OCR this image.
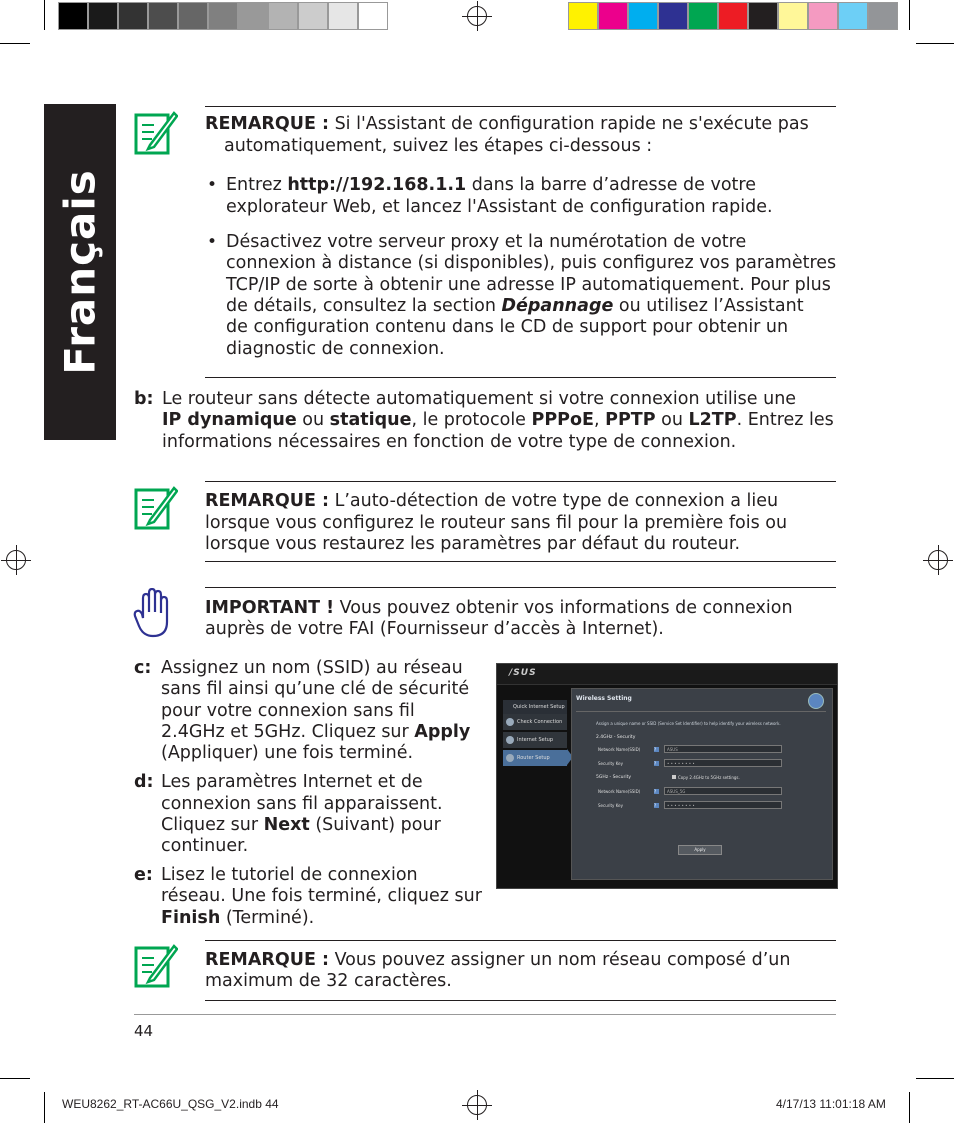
Français
REMARQUE : Si l'Assistant de configuration rapide ne s'exécute pas
automatiquement, suivez les étapes ci-dessous :
• Entrez http://192.168.1.1 dans la barre d’adresse de votre
explorateur Web, et lancez l'Assistant de configuration rapide.
• Désactivez votre serveur proxy et la numérotation de votre
connexion à distance (si disponibles), puis configurez vos paramètres
TCP/IP de sorte à obtenir une adresse IP automatiquement. Pour plus
de détails, consultez la section Dépannage ou utilisez l’Assistant
de configuration contenu dans le CD de support pour obtenir un
diagnostic de connexion.
b: Le routeur sans détecte automatiquement si votre connexion utilise une
IP dynamique ou statique, le protocole PPPoE, PPTP ou L2TP. Entrez les
informations nécessaires en fonction de votre type de connexion.
REMARQUE : L’auto-détection de votre type de connexion a lieu
lorsque vous configurez le routeur sans fil pour la première fois ou
lorsque vous restaurez les paramètres par défaut du routeur.
IMPORTANT ! Vous pouvez obtenir vos informations de connexion
auprès de votre FAI (Fournisseur d’accès à Internet).
c: Assignez un nom (SSID) au réseau
sans fil ainsi qu’une clé de sécurité
pour votre connexion sans fil
2.4GHz et 5GHz. Cliquez sur Apply
(Appliquer) une fois terminé.
d: Les paramètres Internet et de
connexion sans fil apparaissent.
Cliquez sur Next (Suivant) pour
continuer.
e: Lisez le tutoriel de connexion
réseau. Une fois terminé, cliquez sur
Finish (Terminé).
/SUS
Quick Internet Setup
Check Connection
Internet Setup
Router Setup
Wireless Setting
Assign a unique name or SSID (Service Set Identifier) to help identify your wireless network.
2.4GHz - Security
Network Name(SSID)	?	ASUS
Security Key	?	• • • • • • • •
5GHz - Security	Copy 2.4GHz to 5GHz settings.
Network Name(SSID)	?	ASUS_5G
Security Key	?	• • • • • • • •
Apply
REMARQUE : Vous pouvez assigner un nom réseau composé d’un
maximum de 32 caractères.
44
WEU8262_RT-AC66U_QSG_V2.indb 44	4/17/13 11:01:18 AM
